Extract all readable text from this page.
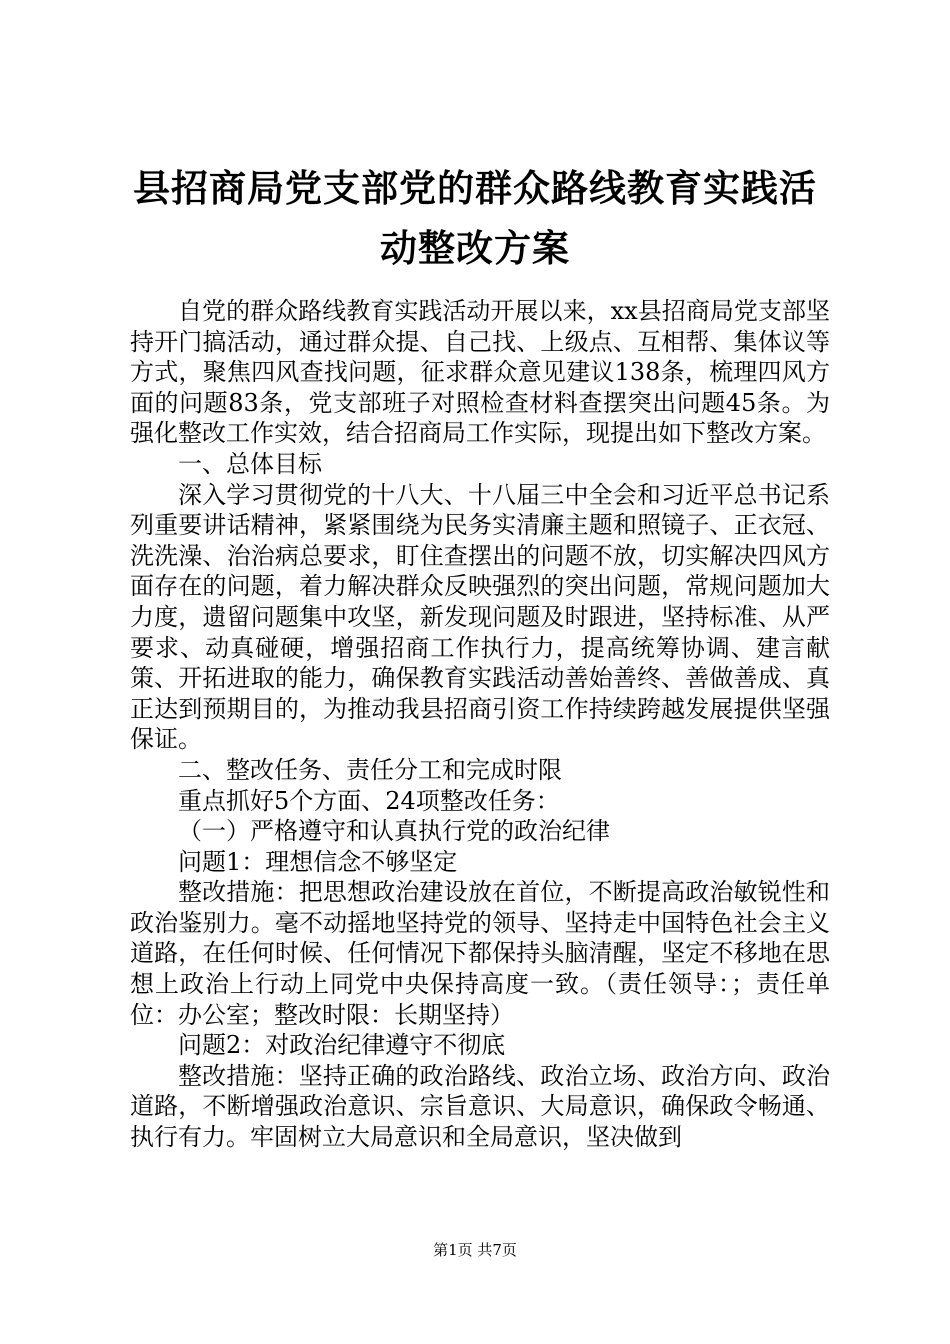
县招商局党支部党的群众路线教育实践活动整改方案

自党的群众路线教育实践活动开展以来，xx县招商局党支部坚持开门搞活动，通过群众提、自己找、上级点、互相帮、集体议等方式，聚焦四风查找问题，征求群众意见建议138条，梳理四风方面的问题83条，党支部班子对照检查材料查摆突出问题45条。为强化整改工作实效，结合招商局工作实际，现提出如下整改方案。

一、总体目标

深入学习贯彻党的十八大、十八届三中全会和习近平总书记系列重要讲话精神，紧紧围绕为民务实清廉主题和照镜子、正衣冠、洗洗澡、治治病总要求，盯住查摆出的问题不放，切实解决四风方面存在的问题，着力解决群众反映强烈的突出问题，常规问题加大力度，遗留问题集中攻坚，新发现问题及时跟进，坚持标准、从严要求、动真碰硬，增强招商工作执行力，提高统筹协调、建言献策、开拓进取的能力，确保教育实践活动善始善终、善做善成、真正达到预期目的，为推动我县招商引资工作持续跨越发展提供坚强保证。

二、整改任务、责任分工和完成时限

重点抓好5个方面、24项整改任务：

（一）严格遵守和认真执行党的政治纪律

问题1：理想信念不够坚定

整改措施：把思想政治建设放在首位，不断提高政治敏锐性和政治鉴别力。毫不动摇地坚持党的领导、坚持走中国特色社会主义道路，在任何时候、任何情况下都保持头脑清醒，坚定不移地在思想上政治上行动上同党中央保持高度一致。（责任领导：；责任单位：办公室；整改时限：长期坚持）

问题2：对政治纪律遵守不彻底

整改措施：坚持正确的政治路线、政治立场、政治方向、政治道路，不断增强政治意识、宗旨意识、大局意识，确保政令畅通、执行有力。牢固树立大局意识和全局意识，坚决做到

第1页 共7页
